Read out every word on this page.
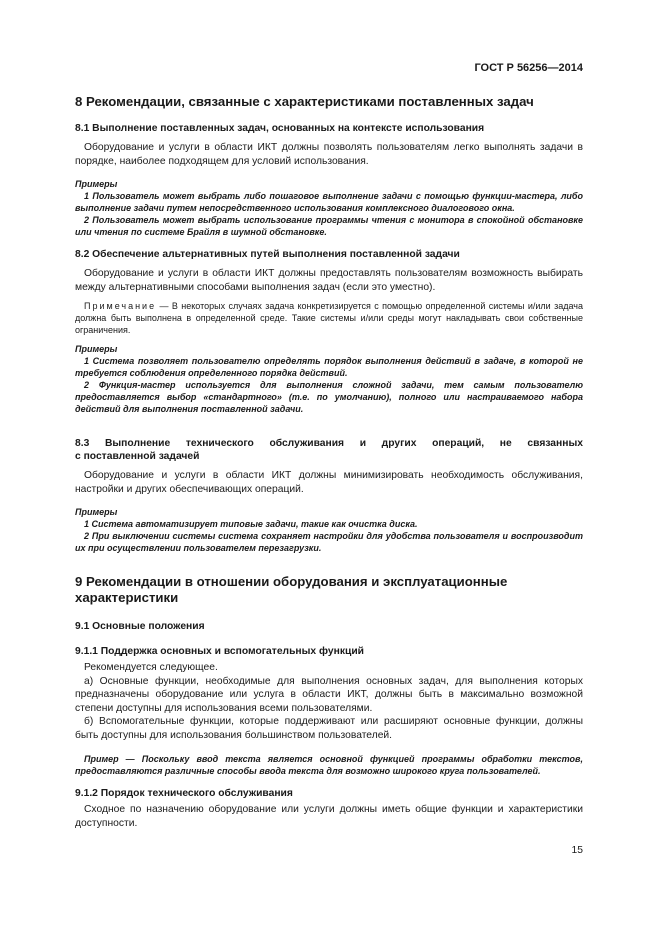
ГОСТ Р 56256—2014

8 Рекомендации, связанные с характеристиками поставленных задач

8.1 Выполнение поставленных задач, основанных на контексте использования

Оборудование и услуги в области ИКТ должны позволять пользователям легко выполнять задачи в порядке, наиболее подходящем для условий использования.

Примеры

1 Пользователь может выбрать либо пошаговое выполнение задачи с помощью функции-мастера, либо выполнение задачи путем непосредственного использования комплексного диалогового окна.

2 Пользователь может выбрать использование программы чтения с монитора в спокойной обстановке или чтения по системе Брайля в шумной обстановке.

8.2 Обеспечение альтернативных путей выполнения поставленной задачи

Оборудование и услуги в области ИКТ должны предоставлять пользователям возможность выбирать между альтернативными способами выполнения задач (если это уместно).

Примечание — В некоторых случаях задача конкретизируется с помощью определенной системы и/или задача должна быть выполнена в определенной среде. Такие системы и/или среды могут накладывать свои собственные ограничения.

Примеры

1 Система позволяет пользователю определять порядок выполнения действий в задаче, в которой не требуется соблюдения определенного порядка действий.

2 Функция-мастер используется для выполнения сложной задачи, тем самым пользователю предоставляется выбор «стандартного» (т.е. по умолчанию), полного или настраиваемого набора действий для выполнения поставленной задачи.

8.3 Выполнение технического обслуживания и других операций, не связанных

с поставленной задачей

Оборудование и услуги в области ИКТ должны минимизировать необходимость обслуживания, настройки и других обеспечивающих операций.

Примеры

1 Система автоматизирует типовые задачи, такие как очистка диска.

2 При выключении системы система сохраняет настройки для удобства пользователя и воспроизводит их при осуществлении пользователем перезагрузки.

9 Рекомендации в отношении оборудования и эксплуатационные

характеристики

9.1 Основные положения

9.1.1 Поддержка основных и вспомогательных функций

Рекомендуется следующее.

а) Основные функции, необходимые для выполнения основных задач, для выполнения которых предназначены оборудование или услуга в области ИКТ, должны быть в максимально возможной степени доступны для использования всеми пользователями.

б) Вспомогательные функции, которые поддерживают или расширяют основные функции, должны быть доступны для использования большинством пользователей.

Пример — Поскольку ввод текста является основной функцией программы обработки текстов, предоставляются различные способы ввода текста для возможно широкого круга пользователей.

9.1.2 Порядок технического обслуживания

Сходное по назначению оборудование или услуги должны иметь общие функции и характеристики доступности.

15
